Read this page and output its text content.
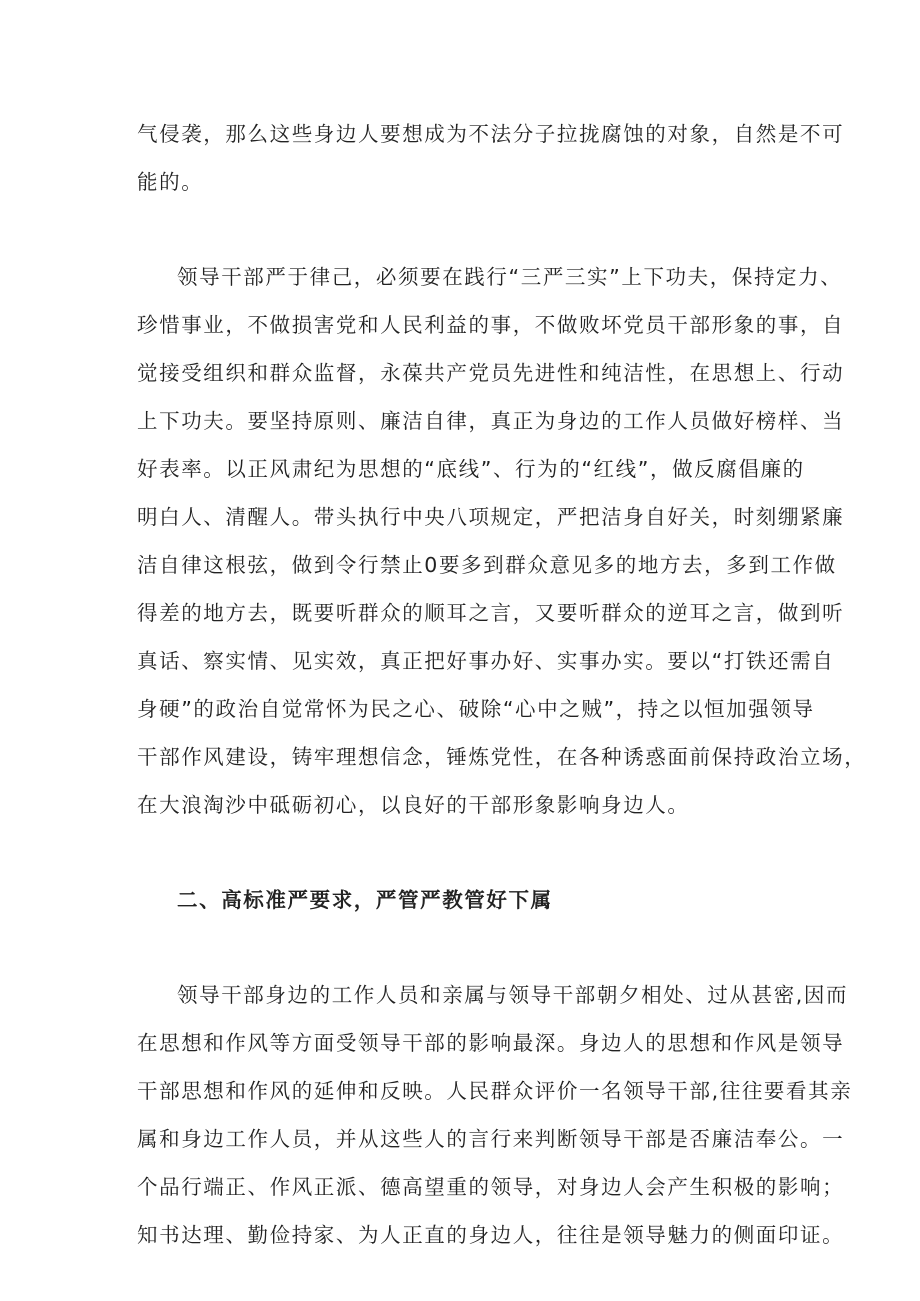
气侵袭，那么这些身边人要想成为不法分子拉拢腐蚀的对象，自然是不可
能的。
领导干部严于律己，必须要在践行“三严三实”上下功夫，保持定力、
珍惜事业，不做损害党和人民利益的事，不做败坏党员干部形象的事，自
觉接受组织和群众监督，永葆共产党员先进性和纯洁性，在思想上、行动
上下功夫。要坚持原则、廉洁自律，真正为身边的工作人员做好榜样、当
好表率。以正风肃纪为思想的“底线”、行为的“红线”，做反腐倡廉的
明白人、清醒人。带头执行中央八项规定，严把洁身自好关，时刻绷紧廉
洁自律这根弦，做到令行禁止0要多到群众意见多的地方去，多到工作做
得差的地方去，既要听群众的顺耳之言，又要听群众的逆耳之言，做到听
真话、察实情、见实效，真正把好事办好、实事办实。要以“打铁还需自
身硬”的政治自觉常怀为民之心、破除“心中之贼”，持之以恒加强领导
干部作风建设，铸牢理想信念，锤炼党性，在各种诱惑面前保持政治立场，
在大浪淘沙中砥砺初心，以良好的干部形象影响身边人。
二、高标准严要求，严管严教管好下属
领导干部身边的工作人员和亲属与领导干部朝夕相处、过从甚密,因而
在思想和作风等方面受领导干部的影响最深。身边人的思想和作风是领导
干部思想和作风的延伸和反映。人民群众评价一名领导干部,往往要看其亲
属和身边工作人员，并从这些人的言行来判断领导干部是否廉洁奉公。一
个品行端正、作风正派、德高望重的领导，对身边人会产生积极的影响；
知书达理、勤俭持家、为人正直的身边人，往往是领导魅力的侧面印证。
